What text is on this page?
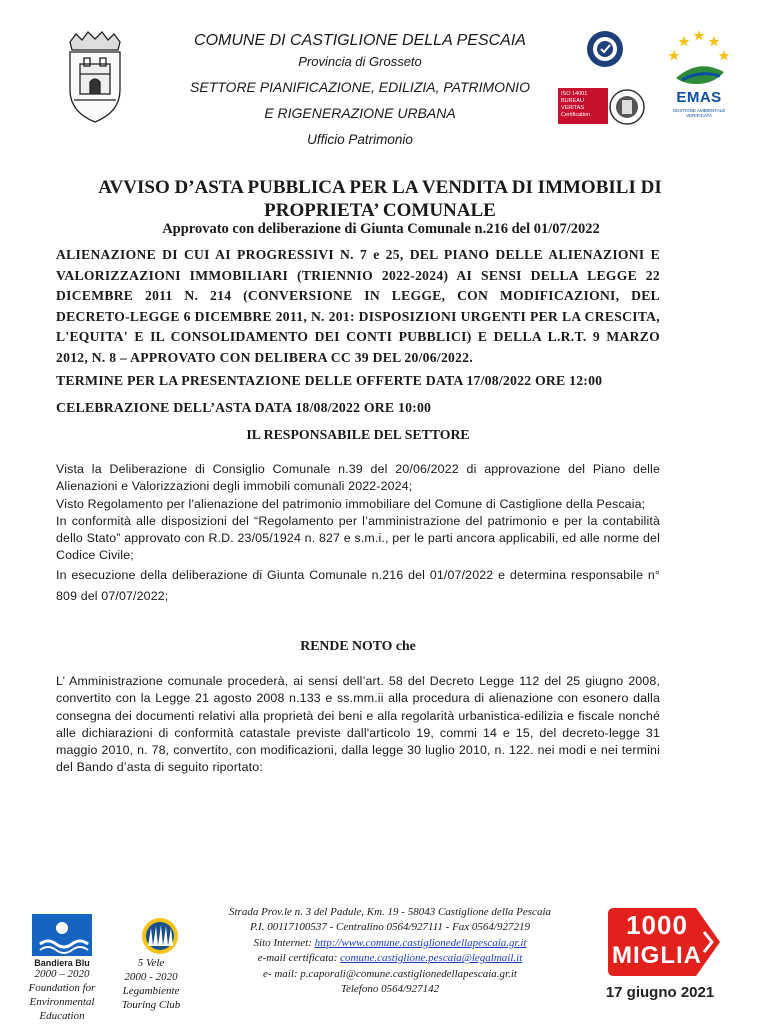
COMUNE DI CASTIGLIONE DELLA PESCAIA
Provincia di Grosseto
SETTORE PIANIFICAZIONE, EDILIZIA, PATRIMONIO
E RIGENERAZIONE URBANA
Ufficio Patrimonio
ISO 14001 BUREAU VERITAS Certification
EMAS
GESTIONE AMBIENTALE VERIFICATA
AVVISO D’ASTA PUBBLICA PER LA VENDITA DI IMMOBILI DI PROPRIETA’ COMUNALE
Approvato con deliberazione di Giunta Comunale n.216 del 01/07/2022
ALIENAZIONE DI CUI AI PROGRESSIVI N. 7 e 25, DEL PIANO DELLE ALIENAZIONI E VALORIZZAZIONI IMMOBILIARI (TRIENNIO 2022-2024) AI SENSI DELLA LEGGE 22 DICEMBRE 2011 N. 214 (CONVERSIONE IN LEGGE, CON MODIFICAZIONI, DEL DECRETO-LEGGE 6 DICEMBRE 2011, N. 201: DISPOSIZIONI URGENTI PER LA CRESCITA, L'EQUITA' E IL CONSOLIDAMENTO DEI CONTI PUBBLICI) E DELLA L.R.T. 9 MARZO 2012, N. 8 – APPROVATO CON DELIBERA CC 39 DEL 20/06/2022.
TERMINE PER LA PRESENTAZIONE DELLE OFFERTE DATA 17/08/2022 ORE 12:00
CELEBRAZIONE DELL’ASTA DATA 18/08/2022 ORE 10:00
IL RESPONSABILE DEL SETTORE

Vista la Deliberazione di Consiglio Comunale n.39 del 20/06/2022 di approvazione del Piano delle Alienazioni e Valorizzazioni degli immobili comunali 2022-2024;

Visto Regolamento per l'alienazione del patrimonio immobiliare del Comune di Castiglione della Pescaia;

In conformità alle disposizioni del “Regolamento per l’amministrazione del patrimonio e per la contabilità dello Stato” approvato con R.D. 23/05/1924 n. 827 e s.m.i., per le parti ancora applicabili, ed alle norme del Codice Civile;

In esecuzione della deliberazione di Giunta Comunale n.216 del 01/07/2022 e determina responsabile n° 809 del 07/07/2022;

RENDE NOTO che
L’ Amministrazione comunale procederà, ai sensi dell’art. 58 del Decreto Legge 112 del 25 giugno 2008, convertito con la Legge 21 agosto 2008 n.133 e ss.mm.ii alla procedura di alienazione con esonero dalla consegna dei documenti relativi alla proprietà dei beni e alla regolarità urbanistica-edilizia e fiscale nonché alle dichiarazioni di conformità catastale previste dall'articolo 19, commi 14 e 15, del decreto-legge 31 maggio 2010, n. 78, convertito, con modificazioni, dalla legge 30 luglio 2010, n. 122. nei modi e nei termini del Bando d’asta di seguito riportato:
Bandiera Blu
2000 – 2020
Foundation for
Environmental
Education
5 Vele
2000 - 2020
Legambiente
Touring Club
Strada Prov.le n. 3 del Padule, Km. 19 - 58043 Castiglione della Pescaia
P.I. 00117100537 - Centralino 0564/927111 - Fax 0564/927219
Sito Internet: http://www.comune.castiglionedellapescaia.gr.it
e-mail certificata: comune.castiglione.pescaia@legalmail.it
e- mail: p.caporali@comune.castiglionedellapescaia.gr.it
Telefono 0564/927142
1000
MIGLIA
17 giugno 2021
